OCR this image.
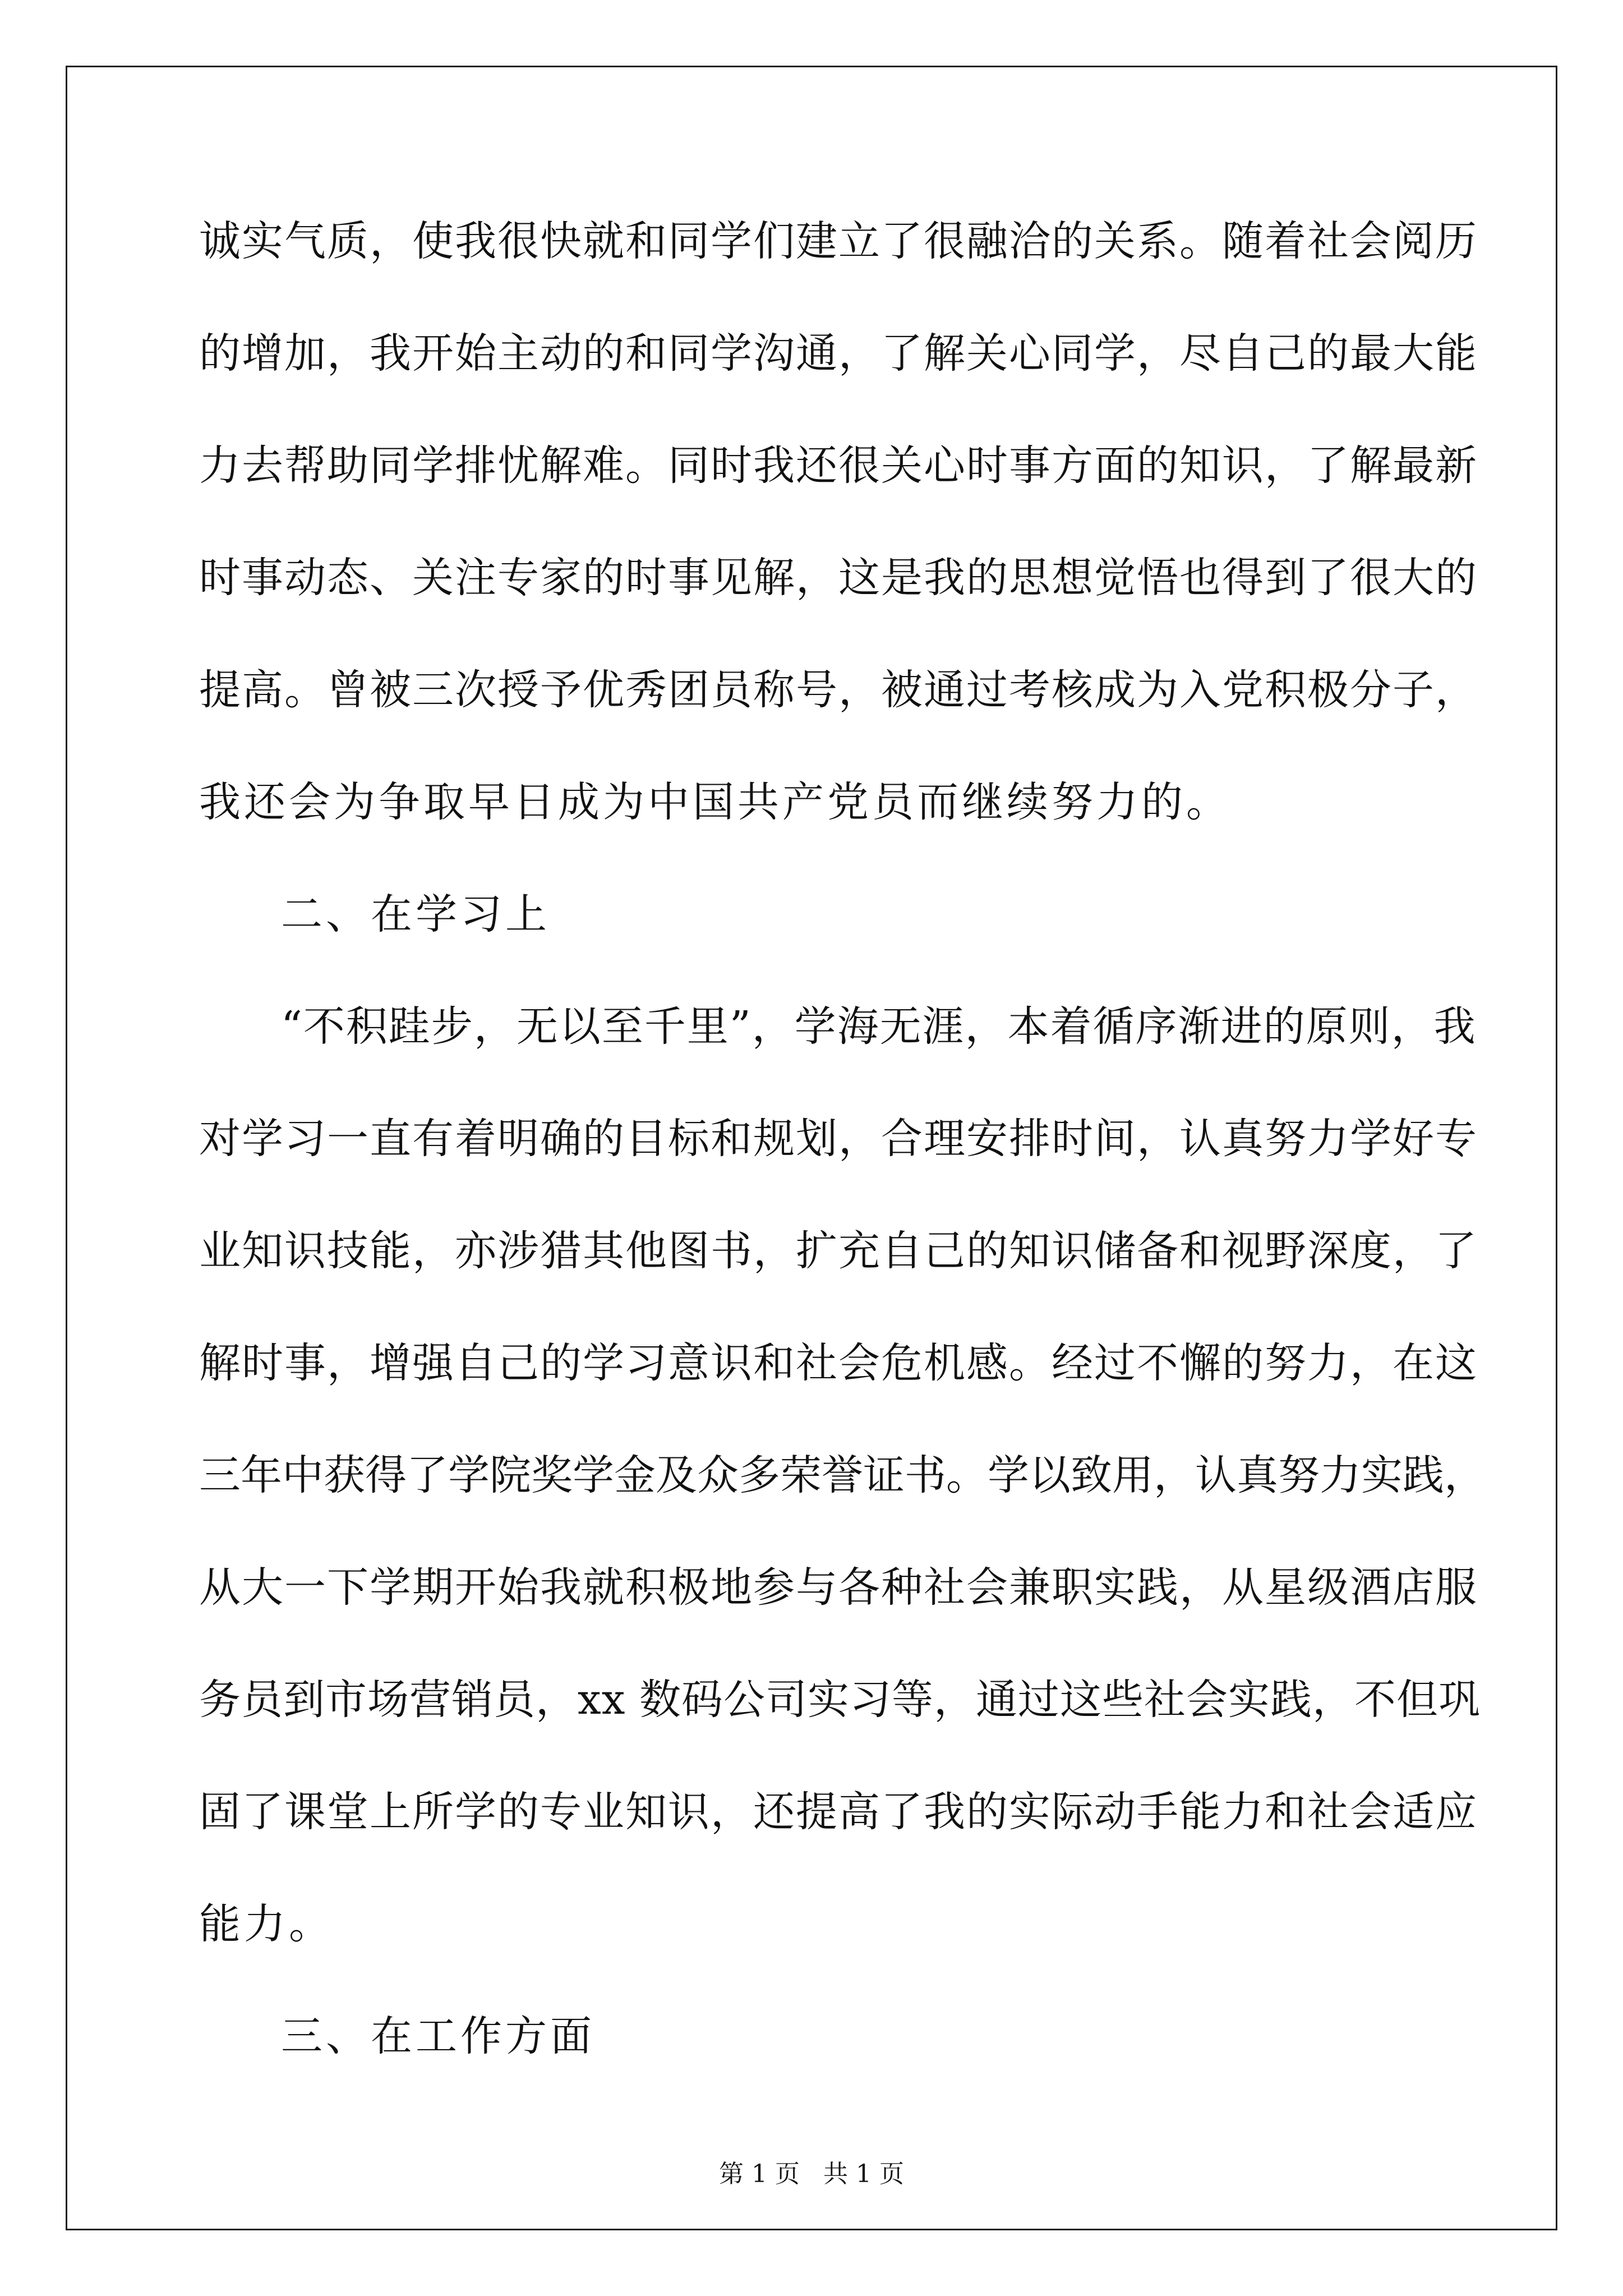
诚实气质，使我很快就和同学们建立了很融洽的关系。随着社会阅历
的增加，我开始主动的和同学沟通，了解关心同学，尽自己的最大能
力去帮助同学排忧解难。同时我还很关心时事方面的知识，了解最新
时事动态、关注专家的时事见解，这是我的思想觉悟也得到了很大的
提高。曾被三次授予优秀团员称号，被通过考核成为入党积极分子，
我还会为争取早日成为中国共产党员而继续努力的。
二、在学习上
“不积跬步，无以至千里”，学海无涯，本着循序渐进的原则，我
对学习一直有着明确的目标和规划，合理安排时间，认真努力学好专
业知识技能，亦涉猎其他图书，扩充自己的知识储备和视野深度，了
解时事，增强自己的学习意识和社会危机感。经过不懈的努力，在这
三年中获得了学院奖学金及众多荣誉证书。学以致用，认真努力实践，
从大一下学期开始我就积极地参与各种社会兼职实践，从星级酒店服
务员到市场营销员，xx 数码公司实习等，通过这些社会实践，不但巩
固了课堂上所学的专业知识，还提高了我的实际动手能力和社会适应
能力。
三、在工作方面
第 1 页   共 1 页
